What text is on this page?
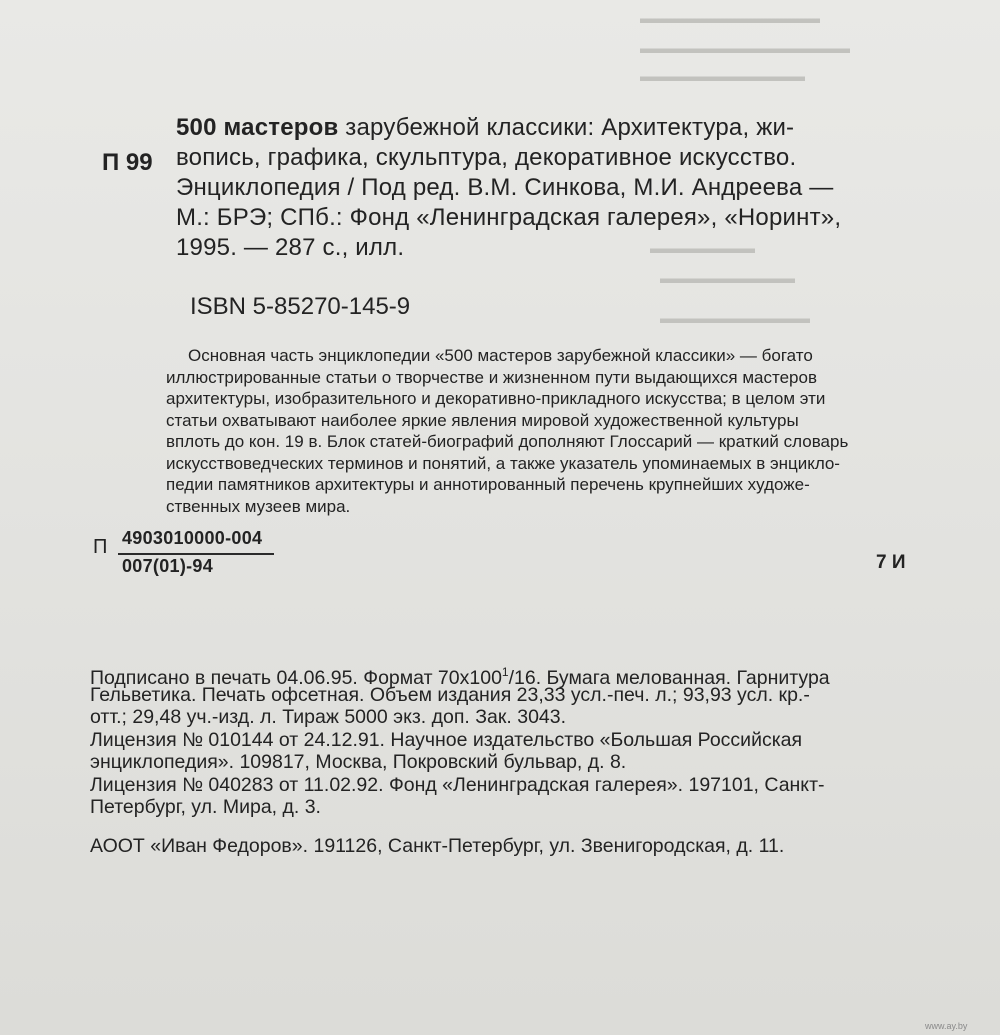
▬▬▬▬▬▬▬▬▬▬▬▬
▬▬▬▬▬▬▬▬▬▬▬▬▬▬
▬▬▬▬▬▬▬▬▬▬▬
▬▬▬▬▬▬▬
▬▬▬▬▬▬▬▬▬
▬▬▬▬▬▬▬▬▬▬
П 99
500 мастеров зарубежной классики: Архитектура, жи-
вопись, графика, скульптура, декоративное искусство.
Энциклопедия / Под ред. В.М. Синкова, М.И. Андреева —
М.: БРЭ; СПб.: Фонд «Ленинградская галерея», «Норинт»,
1995. — 287 с., илл.
ISBN 5-85270-145-9
Основная часть энциклопедии «500 мастеров зарубежной классики» — богато
иллюстрированные статьи о творчестве и жизненном пути выдающихся мастеров
архитектуры, изобразительного и декоративно-прикладного искусства; в целом эти
статьи охватывают наиболее яркие явления мировой художественной культуры
вплоть до кон. 19 в. Блок статей-биографий дополняют Глоссарий — краткий словарь
искусствоведческих терминов и понятий, а также указатель упоминаемых в энциклo-
педии памятников архитектуры и аннотированный перечень крупнейших художе-
ственных музеев мира.
П 4903010000-004
007(01)-94	7 И
Подписано в печать 04.06.95. Формат $70x100^1/16$. Бумага мелованная. Гарнитура
Гельветика. Печать офсетная. Объем издания 23,33 усл.-печ. л.; 93,93 усл. кр.-
отт.; 29,48 уч.-изд. л. Тираж 5000 экз. доп. Зак. 3043.
Лицензия № 010144 от 24.12.91. Научное издательство «Большая Российская
энциклопедия». 109817, Москва, Покровский бульвар, д. 8.
Лицензия № 040283 от 11.02.92. Фонд «Ленинградская галерея». 197101, Санкт-
Петербург, ул. Мира, д. 3.
АООТ «Иван Федоров». 191126, Санкт-Петербург, ул. Звенигородская, д. 11.
www.ay.by
